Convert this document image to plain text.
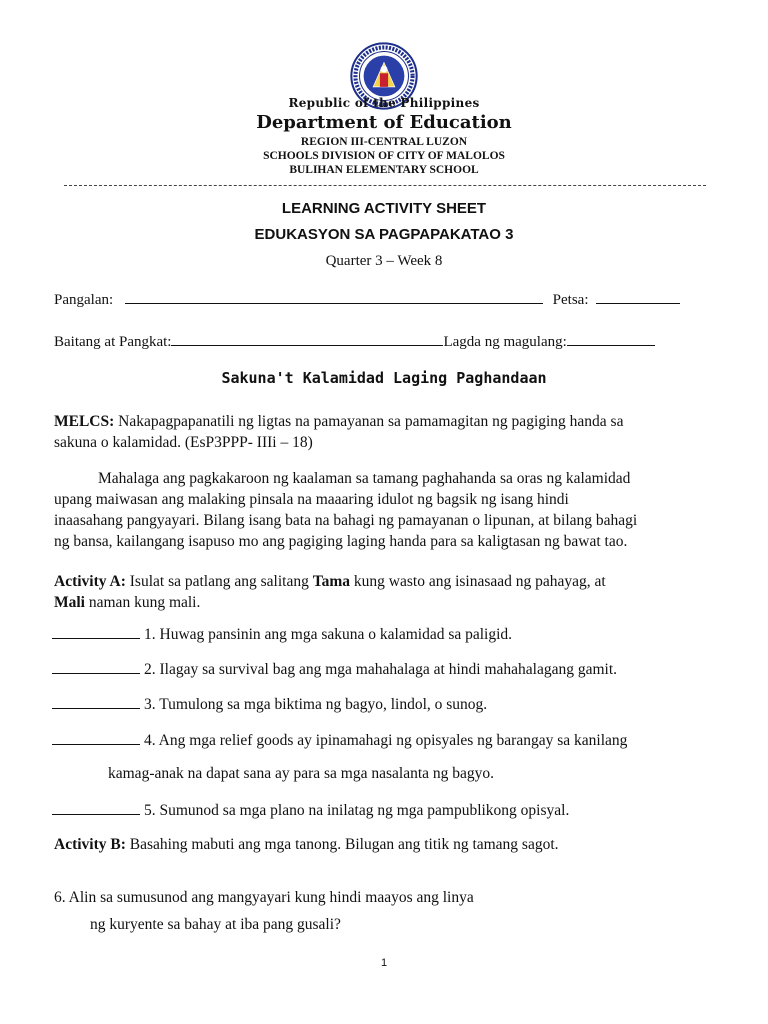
Republic of the Philippines
Department of Education
REGION III-CENTRAL LUZON
SCHOOLS DIVISION OF CITY OF MALOLOS
BULIHAN ELEMENTARY SCHOOL
LEARNING ACTIVITY SHEET
EDUKASYON SA PAGPAPAKATAO 3
Quarter 3 – Week 8
Pangalan:	Petsa:
Baitang at Pangkat:	Lagda ng magulang:
Sakuna't Kalamidad Laging Paghandaan
MELCS: Nakapagpapanatili ng ligtas na pamayanan sa pamamagitan ng pagiging handa sa
sakuna o kalamidad. (EsP3PPP- IIIi – 18)
Mahalaga ang pagkakaroon ng kaalaman sa tamang paghahanda sa oras ng kalamidad
upang maiwasan ang malaking pinsala na maaaring idulot ng bagsik ng isang hindi
inaasahang pangyayari. Bilang isang bata na bahagi ng pamayanan o lipunan, at bilang bahagi
ng bansa, kailangang isapuso mo ang pagiging laging handa para sa kaligtasan ng bawat tao.
Activity A: Isulat sa patlang ang salitang Tama kung wasto ang isinasaad ng pahayag, at
Mali naman kung mali.
1. Huwag pansinin ang mga sakuna o kalamidad sa paligid.
2. Ilagay sa survival bag ang mga mahahalaga at hindi mahahalagang gamit.
3. Tumulong sa mga biktima ng bagyo, lindol, o sunog.
4. Ang mga relief goods ay ipinamahagi ng opisyales ng barangay sa kanilang
kamag-anak na dapat sana ay para sa mga nasalanta ng bagyo.
5. Sumunod sa mga plano na inilatag ng mga pampublikong opisyal.
Activity B: Basahing mabuti ang mga tanong. Bilugan ang titik ng tamang sagot.
6. Alin sa sumusunod ang mangyayari kung hindi maayos ang linya
ng kuryente sa bahay at iba pang gusali?
1
